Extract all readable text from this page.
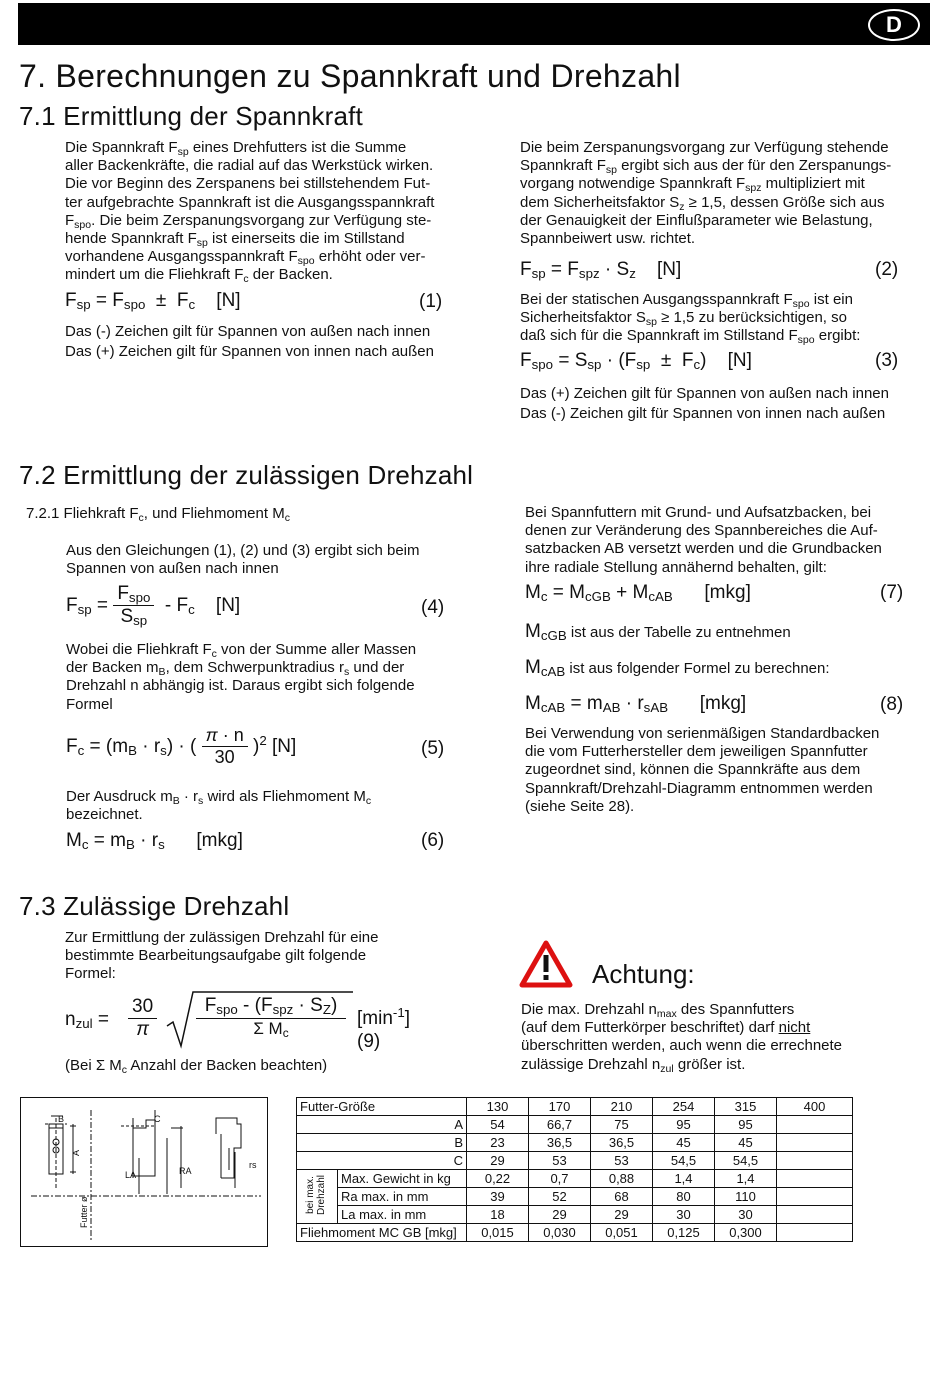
D
7. Berechnungen zu Spannkraft und Drehzahl
7.1 Ermittlung der Spannkraft
Die Spannkraft $F_{sp}$ eines Drehfutters ist die Summe
aller Backenkräfte, die radial auf das Werkstück wirken.
Die vor Beginn des Zerspanens bei stillstehendem Fut-
ter aufgebrachte Spannkraft ist die Ausgangsspannkraft
$F_{spo}$. Die beim Zerspanungsvorgang zur Verfügung ste-
hende Spannkraft $F_{sp}$ ist einerseits die im Stillstand
vorhandene Ausgangsspannkraft $F_{spo}$ erhöht oder ver-
mindert um die Fliehkraft $F_c$ der Backen.
$F_{sp} = F_{spo} \pm F_c$    [N]	(1)
Das (-) Zeichen gilt für Spannen von außen nach innen
Das (+) Zeichen gilt für Spannen von innen nach außen
Die beim Zerspanungsvorgang zur Verfügung stehende
Spannkraft $F_{sp}$ ergibt sich aus der für den Zerspanungs-
vorgang notwendige Spannkraft $F_{spz}$ multipliziert mit
dem Sicherheitsfaktor $S_z \ge 1,5$, dessen Größe sich aus
der Genauigkeit der Einflußparameter wie Belastung,
Spannbeiwert usw. richtet.
$F_{sp} = F_{spz} \cdot S_z$    [N]	(2)
Bei der statischen Ausgangsspannkraft $F_{spo}$ ist ein
Sicherheitsfaktor $S_{sp} \ge 1,5$ zu berücksichtigen, so
daß sich für die Spannkraft im Stillstand $F_{spo}$ ergibt:
$F_{spo} = S_{sp} \cdot (F_{sp} \pm F_c)$    [N]	(3)
Das (+) Zeichen gilt für Spannen von außen nach innen
Das (-) Zeichen gilt für Spannen von innen nach außen
7.2 Ermittlung der zulässigen Drehzahl
7.2.1 Fliehkraft $F_c$, und Fliehmoment $M_c$
Aus den Gleichungen (1), (2) und (3) ergibt sich beim
Spannen von außen nach innen
$F_{sp} = \frac{F_{spo}}{S_{sp}} - F_c$    [N]	(4)
Wobei die Fliehkraft $F_c$ von der Summe aller Massen
der Backen $m_B$, dem Schwerpunktradius $r_s$ und der
Drehzahl n abhängig ist. Daraus ergibt sich folgende
Formel
$F_c = (m_B \cdot r_s)$ · ( $\frac{\pi \cdot n}{30} )^2$ [N]	(5)
Der Ausdruck $m_B \cdot r_s$ wird als Fliehmoment $M_c$
bezeichnet.
$M_c = m_B \cdot r_s$      [mkg]	(6)
Bei Spannfuttern mit Grund- und Aufsatzbacken, bei
denen zur Veränderung des Spannbereiches die Auf-
satzbacken AB versetzt werden und die Grundbacken
ihre radiale Stellung annähernd behalten, gilt:
$M_c = M_{cGB} + M_{cAB}$      [mkg]	(7)
$M_{cGB}$ ist aus der Tabelle zu entnehmen
$M_{cAB}$ ist aus folgender Formel zu berechnen:
$M_{cAB} = m_{AB} \cdot r_{sAB}$      [mkg]	(8)
Bei Verwendung von serienmäßigen Standardbacken
die vom Futterhersteller dem jeweiligen Spannfutter
zugeordnet sind, können die Spannkräfte aus dem
Spannkraft/Drehzahl-Diagramm entnommen werden
(siehe Seite 28).
7.3 Zulässige Drehzahl
Zur Ermittlung der zulässigen Drehzahl für eine
bestimmte Bearbeitungsaufgabe gilt folgende
Formel:
$n_{zul} = \frac{30}{\pi}$	$F_{spo} - (F_{spz} \cdot S_Z)$
Σ $M_c$
$[\min^{-1}]$
(9)
(Bei Σ $M_c$ Anzahl der Backen beachten)
Achtung:
Die max. Drehzahl $n_{max}$ des Spannfutters
(auf dem Futterkörper beschriftet) darf nicht
überschritten werden, auch wenn die errechnete
zulässige Drehzahl $n_{zul}$ größer ist.
B	C
A
LA	RA
rs
Futter ø
Futter-Größe		130	170	210	254	315	400
	A	54	66,7	75	95	95	
	B	23	36,5	36,5	45	45	
	C	29	53	53	54,5	54,5	

bei max. Drehzahl	Max. Gewicht in kg	0,22	0,7	0,88	1,4	1,4	
	Ra max. in mm	39	52	68	80	110	
	La max. in mm	18	29	29	30	30	
Fliehmoment MC GB [mkg]		0,015	0,030	0,051	0,125	0,300	
